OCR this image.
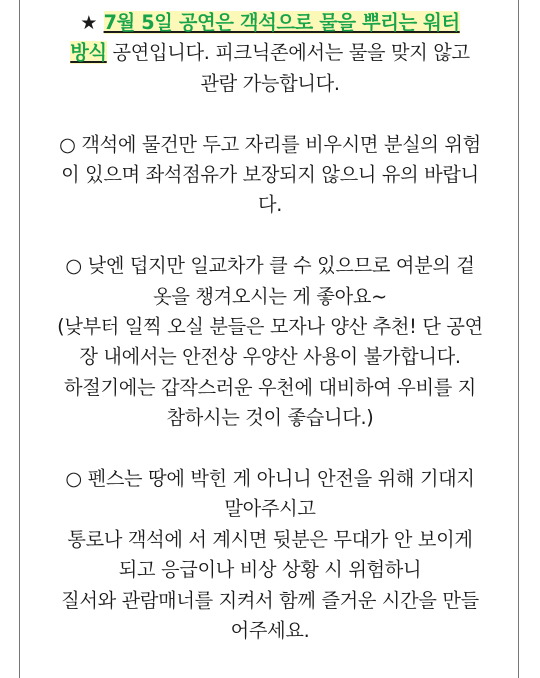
★ 7월 5일 공연은 객석으로 물을 뿌리는 워터
방식 공연입니다. 피크닉존에서는 물을 맞지 않고
관람 가능합니다.
○ 객석에 물건만 두고 자리를 비우시면 분실의 위험
이 있으며 좌석점유가 보장되지 않으니 유의 바랍니
다.
○ 낮엔 덥지만 일교차가 클 수 있으므로 여분의 겉
옷을 챙겨오시는 게 좋아요~
(낮부터 일찍 오실 분들은 모자나 양산 추천! 단 공연
장 내에서는 안전상 우양산 사용이 불가합니다.
하절기에는 갑작스러운 우천에 대비하여 우비를 지
참하시는 것이 좋습니다.)
○ 펜스는 땅에 박힌 게 아니니 안전을 위해 기대지
말아주시고
통로나 객석에 서 계시면 뒷분은 무대가 안 보이게
되고 응급이나 비상 상황 시 위험하니
질서와 관람매너를 지켜서 함께 즐거운 시간을 만들
어주세요.
